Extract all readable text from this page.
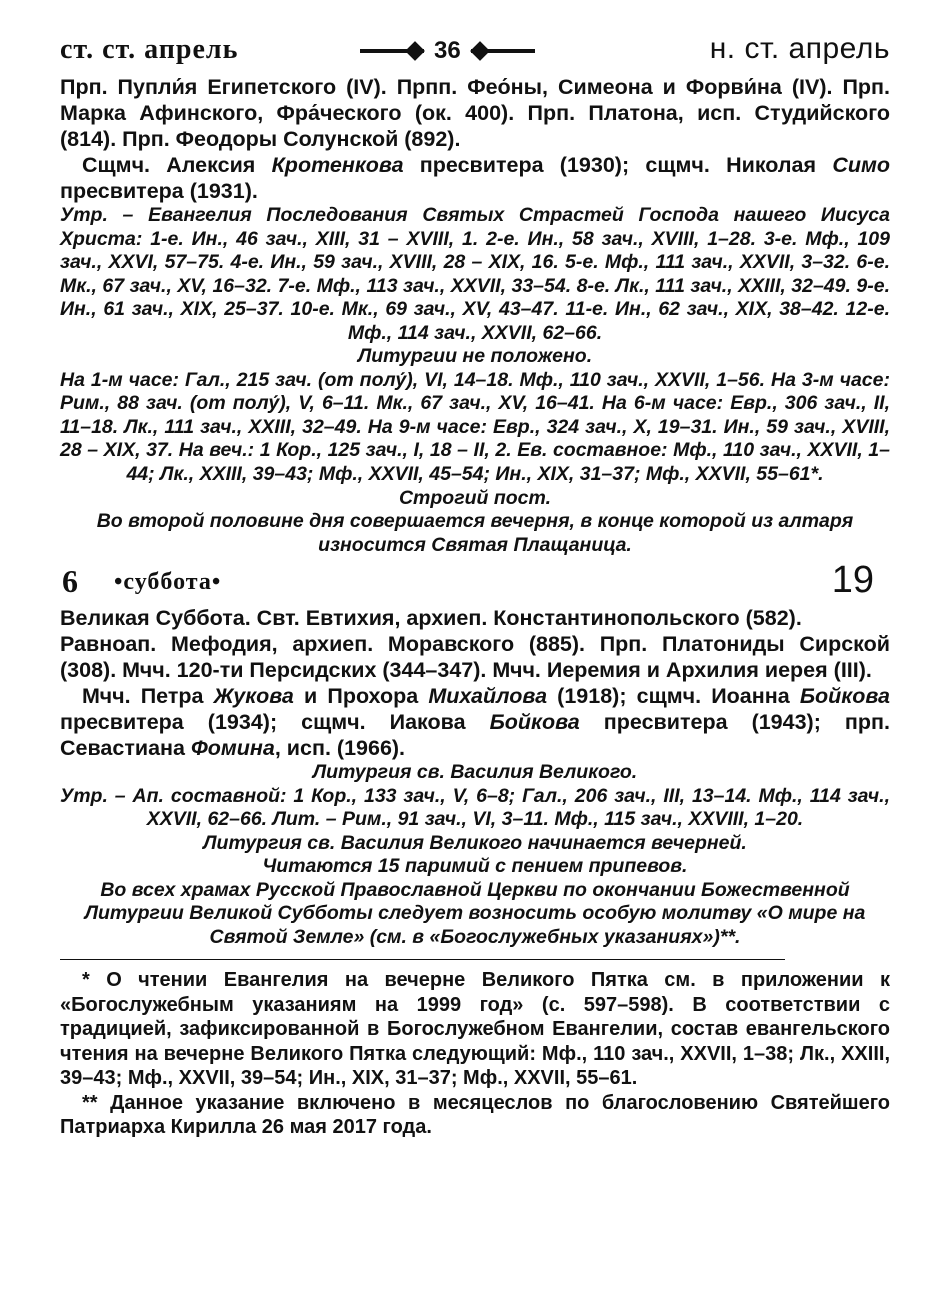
ст. ст. апрель	36	н. ст. апрель

Прп. Пупли́я Египетского (IV). Прпп. Фео́ны, Симеона и Форви́на (IV). Прп. Марка Афинского, Фра́ческого (ок. 400). Прп. Платона, исп. Студийского (814). Прп. Феодоры Солунской (892).

Сщмч. Алексия Кротенкова пресвитера (1930); сщмч. Николая Симо пресвитера (1931).

Утр. – Евангелия Последования Святых Страстей Господа нашего Иисуса Христа: 1-е. Ин., 46 зач., XIII, 31 – XVIII, 1. 2-е. Ин., 58 зач., XVIII, 1–28. 3-е. Мф., 109 зач., XXVI, 57–75. 4-е. Ин., 59 зач., XVIII, 28 – XIX, 16. 5-е. Мф., 111 зач., XXVII, 3–32. 6-е. Мк., 67 зач., XV, 16–32. 7-е. Мф., 113 зач., XXVII, 33–54. 8-е. Лк., 111 зач., XXIII, 32–49. 9-е. Ин., 61 зач., XIX, 25–37. 10-е. Мк., 69 зач., XV, 43–47. 11-е. Ин., 62 зач., XIX, 38–42. 12-е. Мф., 114 зач., XXVII, 62–66.

Литургии не положено.

На 1-м часе: Гал., 215 зач. (от полу́), VI, 14–18. Мф., 110 зач., XXVII, 1–56. На 3-м часе: Рим., 88 зач. (от полу́), V, 6–11. Мк., 67 зач., XV, 16–41. На 6-м часе: Евр., 306 зач., II, 11–18. Лк., 111 зач., XXIII, 32–49. На 9-м часе: Евр., 324 зач., X, 19–31. Ин., 59 зач., XVIII, 28 – XIX, 37. На веч.: 1 Кор., 125 зач., I, 18 – II, 2. Ев. составное: Мф., 110 зач., XXVII, 1–44; Лк., XXIII, 39–43; Мф., XXVII, 45–54; Ин., XIX, 31–37; Мф., XXVII, 55–61*.

Строгий пост.

Во второй половине дня совершается вечерня, в конце которой из алтаря износится Святая Плащаница.

6 •суббота•	19

Великая Суббота. Свт. Евтихия, архиеп. Константинопольского (582).

Равноап. Мефодия, архиеп. Моравского (885). Прп. Платониды Сирской (308). Мчч. 120-ти Персидских (344–347). Мчч. Иеремия и Архилия иерея (III).

Мчч. Петра Жукова и Прохора Михайлова (1918); сщмч. Иоанна Бойкова пресвитера (1934); сщмч. Иакова Бойкова пресвитера (1943); прп. Севастиана Фомина, исп. (1966).

Литургия св. Василия Великого.

Утр. – Ап. составной: 1 Кор., 133 зач., V, 6–8; Гал., 206 зач., III, 13–14. Мф., 114 зач., XXVII, 62–66. Лит. – Рим., 91 зач., VI, 3–11. Мф., 115 зач., XXVIII, 1–20.

Литургия св. Василия Великого начинается вечерней.

Читаются 15 паримий с пением припевов.

Во всех храмах Русской Православной Церкви по окончании Божественной Литургии Великой Субботы следует возносить особую молитву «О мире на Святой Земле» (см. в «Богослужебных указаниях»)**.

* О чтении Евангелия на вечерне Великого Пятка см. в приложении к «Богослужебным указаниям на 1999 год» (с. 597–598). В соответствии с традицией, зафиксированной в Богослужебном Евангелии, состав евангельского чтения на вечерне Великого Пятка следующий: Мф., 110 зач., XXVII, 1–38; Лк., XXIII, 39–43; Мф., XXVII, 39–54; Ин., XIX, 31–37; Мф., XXVII, 55–61.

** Данное указание включено в месяцеслов по благословению Святейшего Патриарха Кирилла 26 мая 2017 года.
